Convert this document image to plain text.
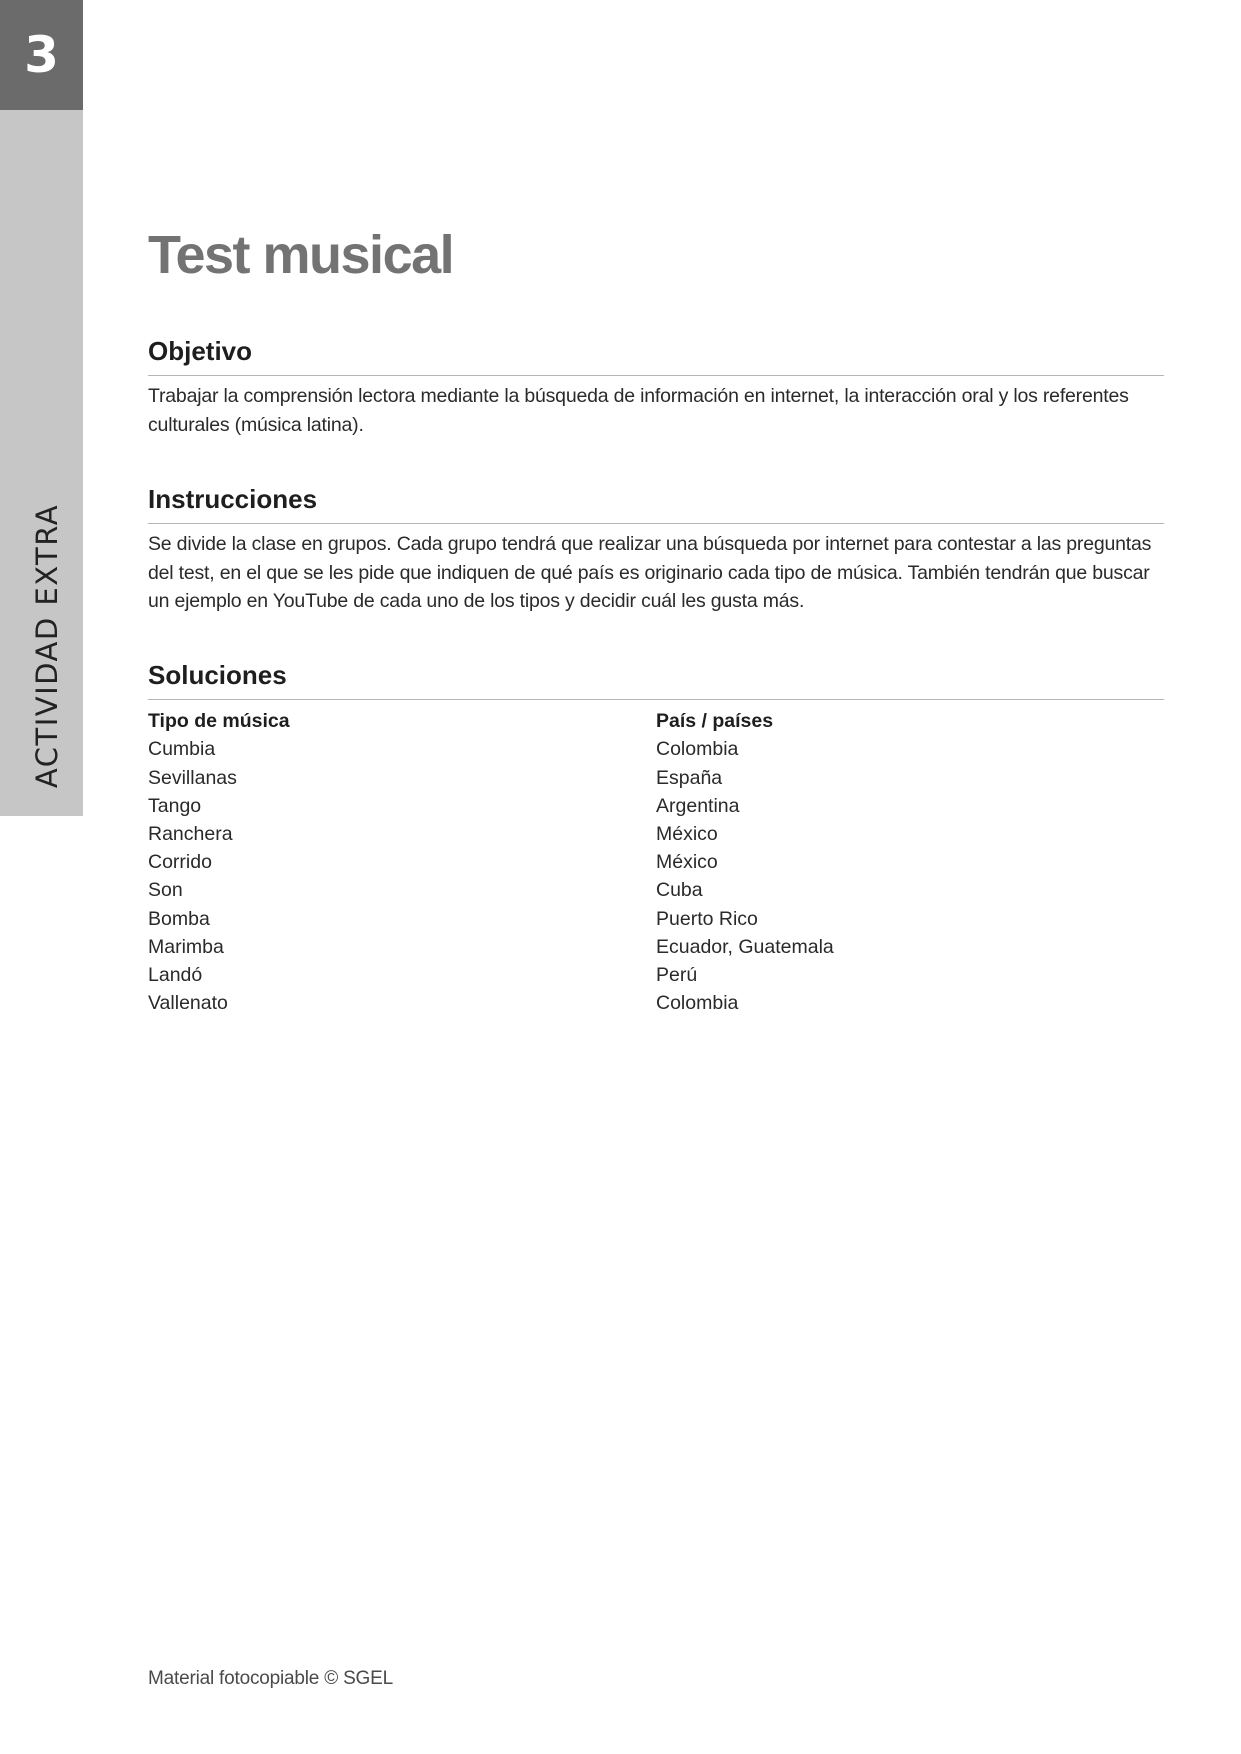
3
ACTIVIDAD EXTRA
Test musical
Objetivo

Trabajar la comprensión lectora mediante la búsqueda de información en internet, la interacción oral y los referentes culturales (música latina).

Instrucciones

Se divide la clase en grupos. Cada grupo tendrá que realizar una búsqueda por internet para contestar a las preguntas del test, en el que se les pide que indiquen de qué país es originario cada tipo de música. También tendrán que buscar un ejemplo en YouTube de cada uno de los tipos y decidir cuál les gusta más.

Soluciones
Tipo de música
Cumbia
Sevillanas
Tango
Ranchera
Corrido
Son
Bomba
Marimba
Landó
Vallenato
País / países
Colombia
España
Argentina
México
México
Cuba
Puerto Rico
Ecuador, Guatemala
Perú
Colombia
Material fotocopiable © SGEL
